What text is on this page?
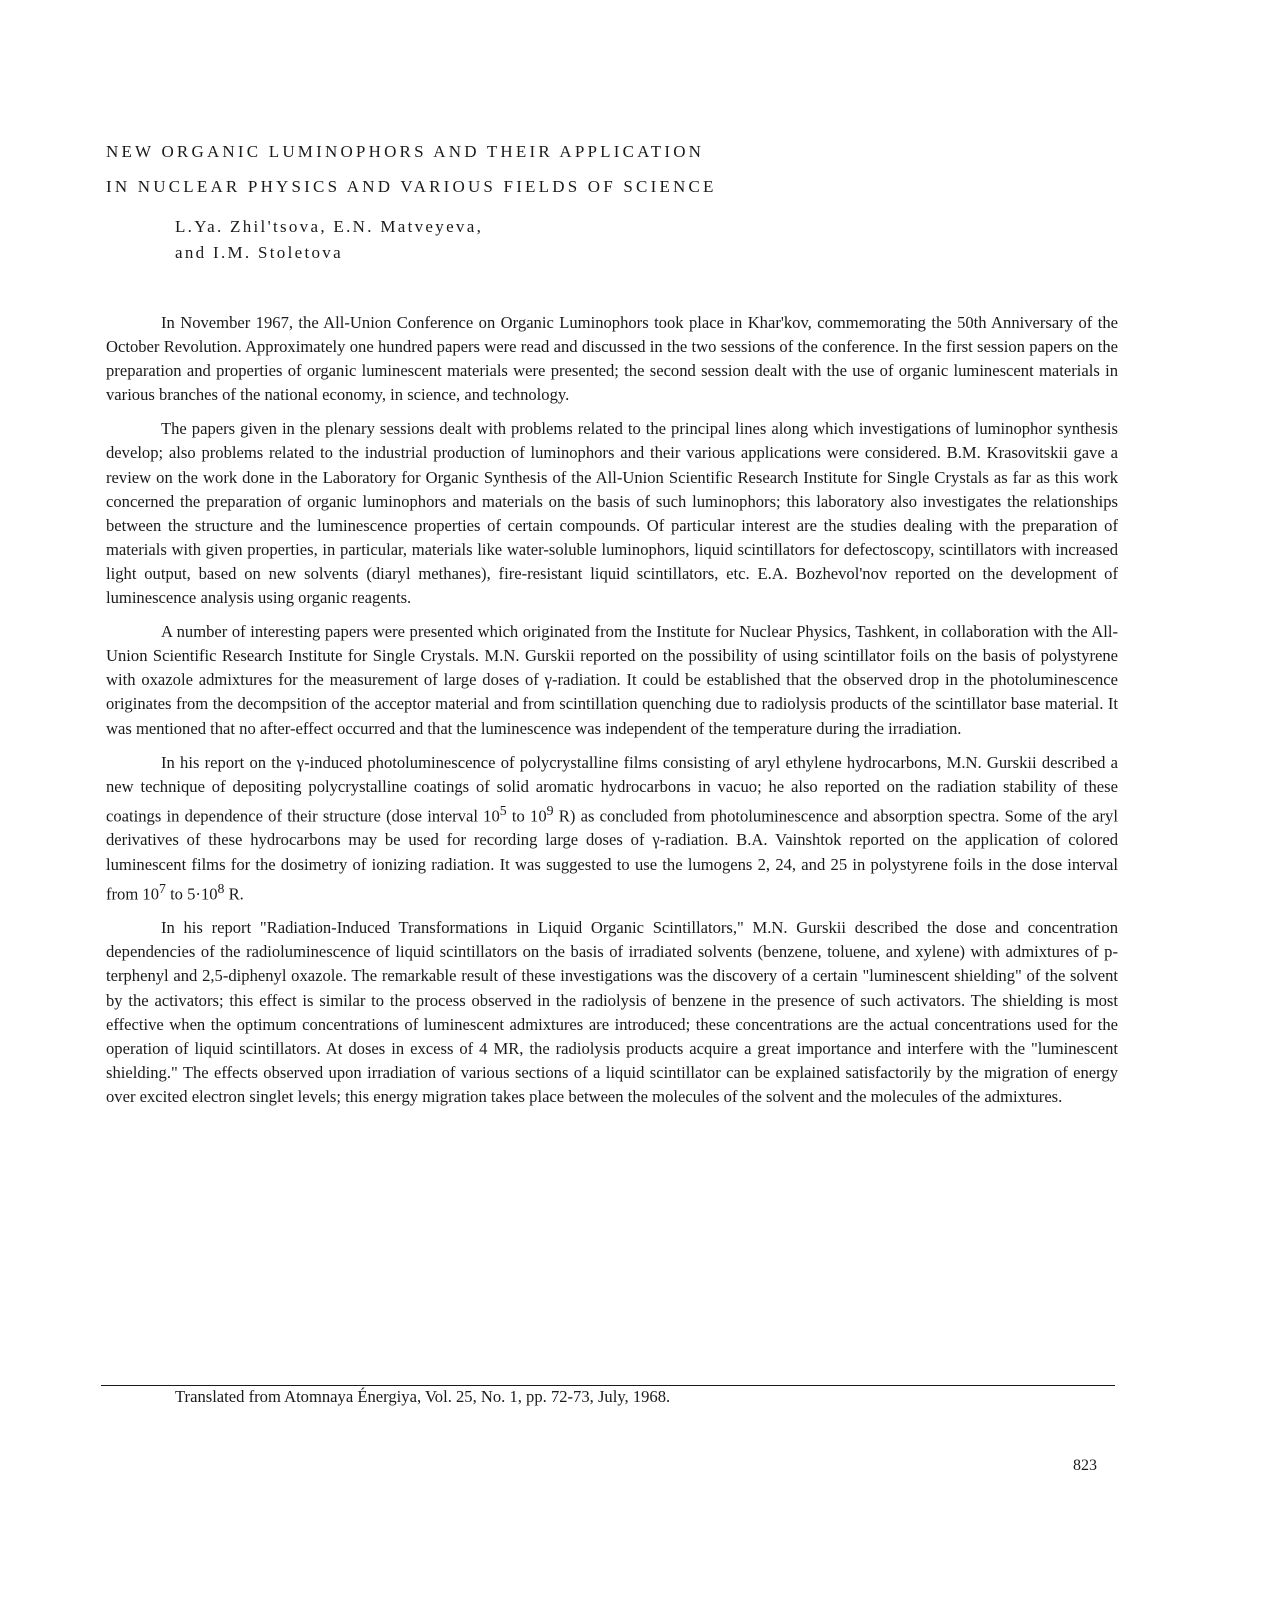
NEW ORGANIC LUMINOPHORS AND THEIR APPLICATION
IN NUCLEAR PHYSICS AND VARIOUS FIELDS OF SCIENCE
L.Ya. Zhil'tsova, E.N. Matveyeva,
and I.M. Stoletova

In November 1967, the All-Union Conference on Organic Luminophors took place in Khar'kov, commemorating the 50th Anniversary of the October Revolution. Approximately one hundred papers were read and discussed in the two sessions of the conference. In the first session papers on the preparation and properties of organic luminescent materials were presented; the second session dealt with the use of organic luminescent materials in various branches of the national economy, in science, and technology.

The papers given in the plenary sessions dealt with problems related to the principal lines along which investigations of luminophor synthesis develop; also problems related to the industrial production of luminophors and their various applications were considered. B.M. Krasovitskii gave a review on the work done in the Laboratory for Organic Synthesis of the All-Union Scientific Research Institute for Single Crystals as far as this work concerned the preparation of organic luminophors and materials on the basis of such luminophors; this laboratory also investigates the relationships between the structure and the luminescence properties of certain compounds. Of particular interest are the studies dealing with the preparation of materials with given properties, in particular, materials like water-soluble luminophors, liquid scintillators for defectoscopy, scintillators with increased light output, based on new solvents (diaryl methanes), fire-resistant liquid scintillators, etc. E.A. Bozhevol'nov reported on the development of luminescence analysis using organic reagents.

A number of interesting papers were presented which originated from the Institute for Nuclear Physics, Tashkent, in collaboration with the All-Union Scientific Research Institute for Single Crystals. M.N. Gurskii reported on the possibility of using scintillator foils on the basis of polystyrene with oxazole admixtures for the measurement of large doses of γ-radiation. It could be established that the observed drop in the photoluminescence originates from the decompsition of the acceptor material and from scintillation quenching due to radiolysis products of the scintillator base material. It was mentioned that no after-effect occurred and that the luminescence was independent of the temperature during the irradiation.

In his report on the γ-induced photoluminescence of polycrystalline films consisting of aryl ethylene hydrocarbons, M.N. Gurskii described a new technique of depositing polycrystalline coatings of solid aromatic hydrocarbons in vacuo; he also reported on the radiation stability of these coatings in dependence of their structure (dose interval $10^5$ to $10^9$ R) as concluded from photoluminescence and absorption spectra. Some of the aryl derivatives of these hydrocarbons may be used for recording large doses of γ-radiation. B.A. Vainshtok reported on the application of colored luminescent films for the dosimetry of ionizing radiation. It was suggested to use the lumogens 2, 24, and 25 in polystyrene foils in the dose interval from $10^7$ to $5\cdot 10^8$ R.

In his report "Radiation-Induced Transformations in Liquid Organic Scintillators," M.N. Gurskii described the dose and concentration dependencies of the radioluminescence of liquid scintillators on the basis of irradiated solvents (benzene, toluene, and xylene) with admixtures of p-terphenyl and 2,5-diphenyl oxazole. The remarkable result of these investigations was the discovery of a certain "luminescent shielding" of the solvent by the activators; this effect is similar to the process observed in the radiolysis of benzene in the presence of such activators. The shielding is most effective when the optimum concentrations of luminescent admixtures are introduced; these concentrations are the actual concentrations used for the operation of liquid scintillators. At doses in excess of 4 MR, the radiolysis products acquire a great importance and interfere with the "luminescent shielding." The effects observed upon irradiation of various sections of a liquid scintillator can be explained satisfactorily by the migration of energy over excited electron singlet levels; this energy migration takes place between the molecules of the solvent and the molecules of the admixtures.

Translated from Atomnaya Énergiya, Vol. 25, No. 1, pp. 72-73, July, 1968.
823
